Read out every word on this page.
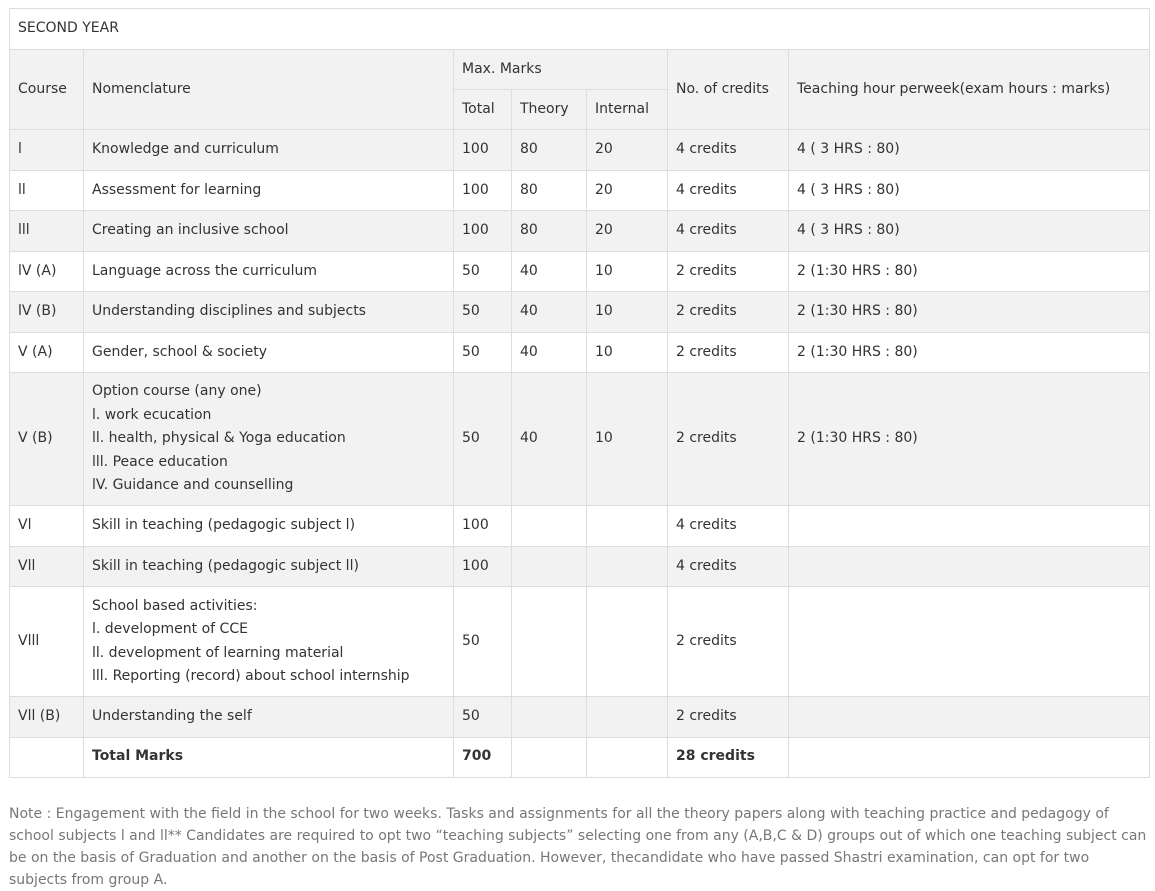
SECOND YEAR						
Course	Nomenclature	Max. Marks			No. of credits	Teaching hour perweek(exam hours : marks)
		Total	Theory	Internal		
l	Knowledge and curriculum	100	80	20	4 credits	4 ( 3 HRS : 80)
ll	Assessment for learning	100	80	20	4 credits	4 ( 3 HRS : 80)
lll	Creating an inclusive school	100	80	20	4 credits	4 ( 3 HRS : 80)
lV (A)	Language across the curriculum	50	40	10	2 credits	2 (1:30 HRS : 80)
lV (B)	Understanding disciplines and subjects	50	40	10	2 credits	2 (1:30 HRS : 80)
V (A)	Gender, school & society	50	40	10	2 credits	2 (1:30 HRS : 80)
V (B)	Option course (any one)
l. work ecucation
ll. health, physical & Yoga education
lll. Peace education
lV. Guidance and counselling	50	40	10	2 credits	2 (1:30 HRS : 80)
Vl	Skill in teaching (pedagogic subject l)	100			4 credits	
Vll	Skill in teaching (pedagogic subject ll)	100			4 credits	
Vlll	School based activities:
l. development of CCE
ll. development of learning material
lll. Reporting (record) about school internship	50			2 credits	
Vll (B)	Understanding the self	50			2 credits	
	Total Marks	700			28 credits	
Note : Engagement with the field in the school for two weeks. Tasks and assignments for all the theory papers along with teaching practice and pedagogy of school subjects l and ll** Candidates are required to opt two “teaching subjects” selecting one from any (A,B,C & D) groups out of which one teaching subject can be on the basis of Graduation and another on the basis of Post Graduation. However, thecandidate who have passed Shastri examination, can opt for two subjects from group A.
